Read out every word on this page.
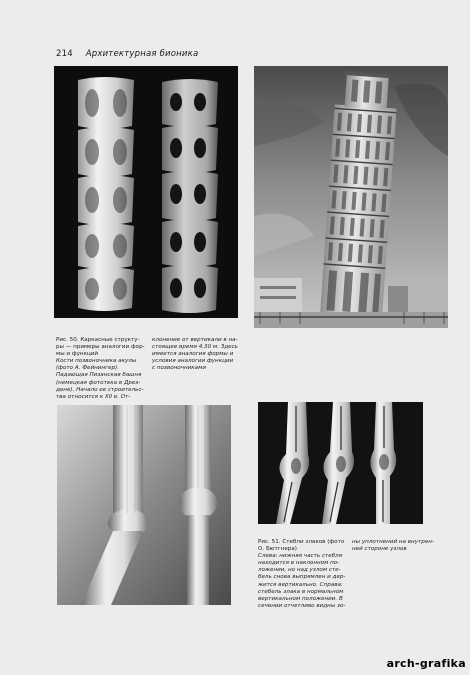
214 Архитектурная бионика
Рис. 50. Каркасные структу-
ры — примеры аналогии фор-
мы и функций
Кости позвоночника акулы
(фото А. Фейнингер).
Падающая Пизанская башня
(немецкая фототека в Дрез-
дене). Начало ее строительс-
тва относится к XII в. От-
клонение от вертикали в на-
стоящее время 4,30 м. Здесь
имеется аналогия формы и
условия аналогии функции
с позвоночниками
Рис. 51. Стебли злаков (фото
О. Бютгнера)
Слева: нижняя часть стебля
находится в наклонном по-
ложении, но над узлом сте-
бель снова выпрямлен и дер-
жится вертикально. Справа:
стебель злака в нормальном
вертикальном положении. В
сечении отчетливо видны зо-
ны уплотнений на внутрен-
ней стороне узлов
arch-grafika
